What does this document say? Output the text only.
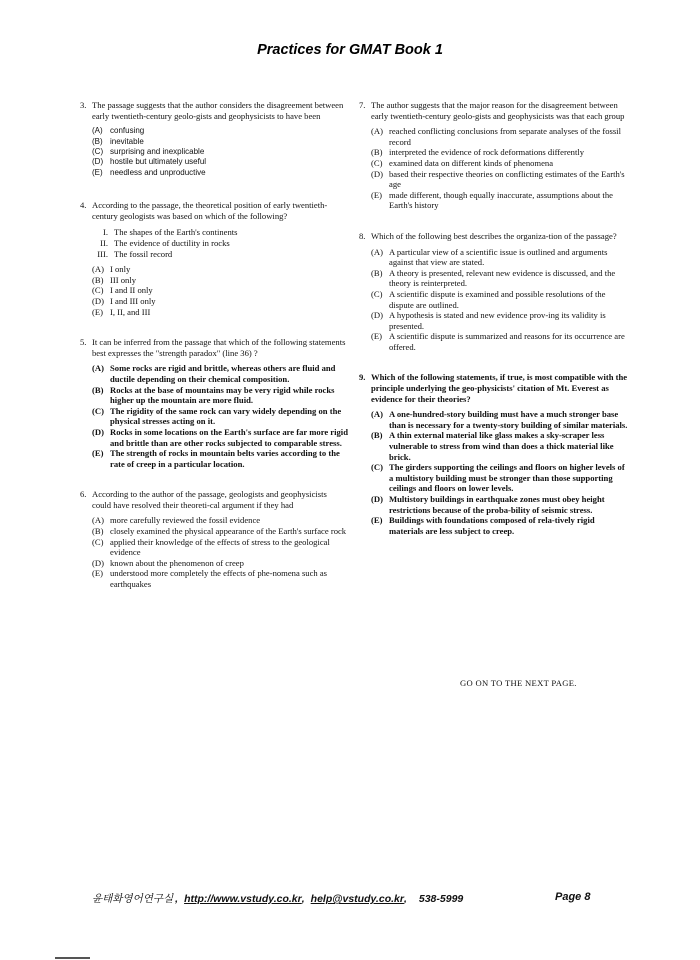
Practices for GMAT Book 1
3. The passage suggests that the author considers the disagreement between early twentieth-century geolo-gists and geophysicists to have been
(A) confusing
(B) inevitable
(C) surprising and inexplicable
(D) hostile but ultimately useful
(E) needless and unproductive
4. According to the passage, the theoretical position of early twentieth-century geologists was based on which of the following?
I. The shapes of the Earth's continents
II. The evidence of ductility in rocks
III. The fossil record
(A) I only
(B) III only
(C) I and II only
(D) I and III only
(E) I, II, and III
5. It can be inferred from the passage that which of the following statements best expresses the "strength paradox" (line 36) ?
(A) Some rocks are rigid and brittle, whereas others are fluid and ductile depending on their chemical composition.
(B) Rocks at the base of mountains may be very rigid while rocks higher up the mountain are more fluid.
(C) The rigidity of the same rock can vary widely depending on the physical stresses acting on it.
(D) Rocks in some locations on the Earth's surface are far more rigid and brittle than are other rocks subjected to comparable stress.
(E) The strength of rocks in mountain belts varies according to the rate of creep in a particular location.
6. According to the author of the passage, geologists and geophysicists could have resolved their theoreti-cal argument if they had
(A) more carefully reviewed the fossil evidence
(B) closely examined the physical appearance of the Earth's surface rock
(C) applied their knowledge of the effects of stress to the geological evidence
(D) known about the phenomenon of creep
(E) understood more completely the effects of phe-nomena such as earthquakes
7. The author suggests that the major reason for the disagreement between early twentieth-century geolo-gists and geophysicists was that each group
(A) reached conflicting conclusions from separate analyses of the fossil record
(B) interpreted the evidence of rock deformations differently
(C) examined data on different kinds of phenomena
(D) based their respective theories on conflicting estimates of the Earth's age
(E) made different, though equally inaccurate, assumptions about the Earth's history
8. Which of the following best describes the organiza-tion of the passage?
(A) A particular view of a scientific issue is outlined and arguments against that view are stated.
(B) A theory is presented, relevant new evidence is discussed, and the theory is reinterpreted.
(C) A scientific dispute is examined and possible resolutions of the dispute are outlined.
(D) A hypothesis is stated and new evidence prov-ing its validity is presented.
(E) A scientific dispute is summarized and reasons for its occurrence are offered.
9. Which of the following statements, if true, is most compatible with the principle underlying the geo-physicists' citation of Mt. Everest as evidence for their theories?
(A) A one-hundred-story building must have a much stronger base than is necessary for a twenty-story building of similar materials.
(B) A thin external material like glass makes a sky-scraper less vulnerable to stress from wind than does a thick material like brick.
(C) The girders supporting the ceilings and floors on higher levels of a multistory building must be stronger than those supporting ceilings and floors on lower levels.
(D) Multistory buildings in earthquake zones must obey height restrictions because of the proba-bility of seismic stress.
(E) Buildings with foundations composed of rela-tively rigid materials are less subject to creep.
GO ON TO THE NEXT PAGE.
윤태화영어연구실 , http://www.vstudy.co.kr , help@vstudy.co.kr , 538-5999	Page 8
